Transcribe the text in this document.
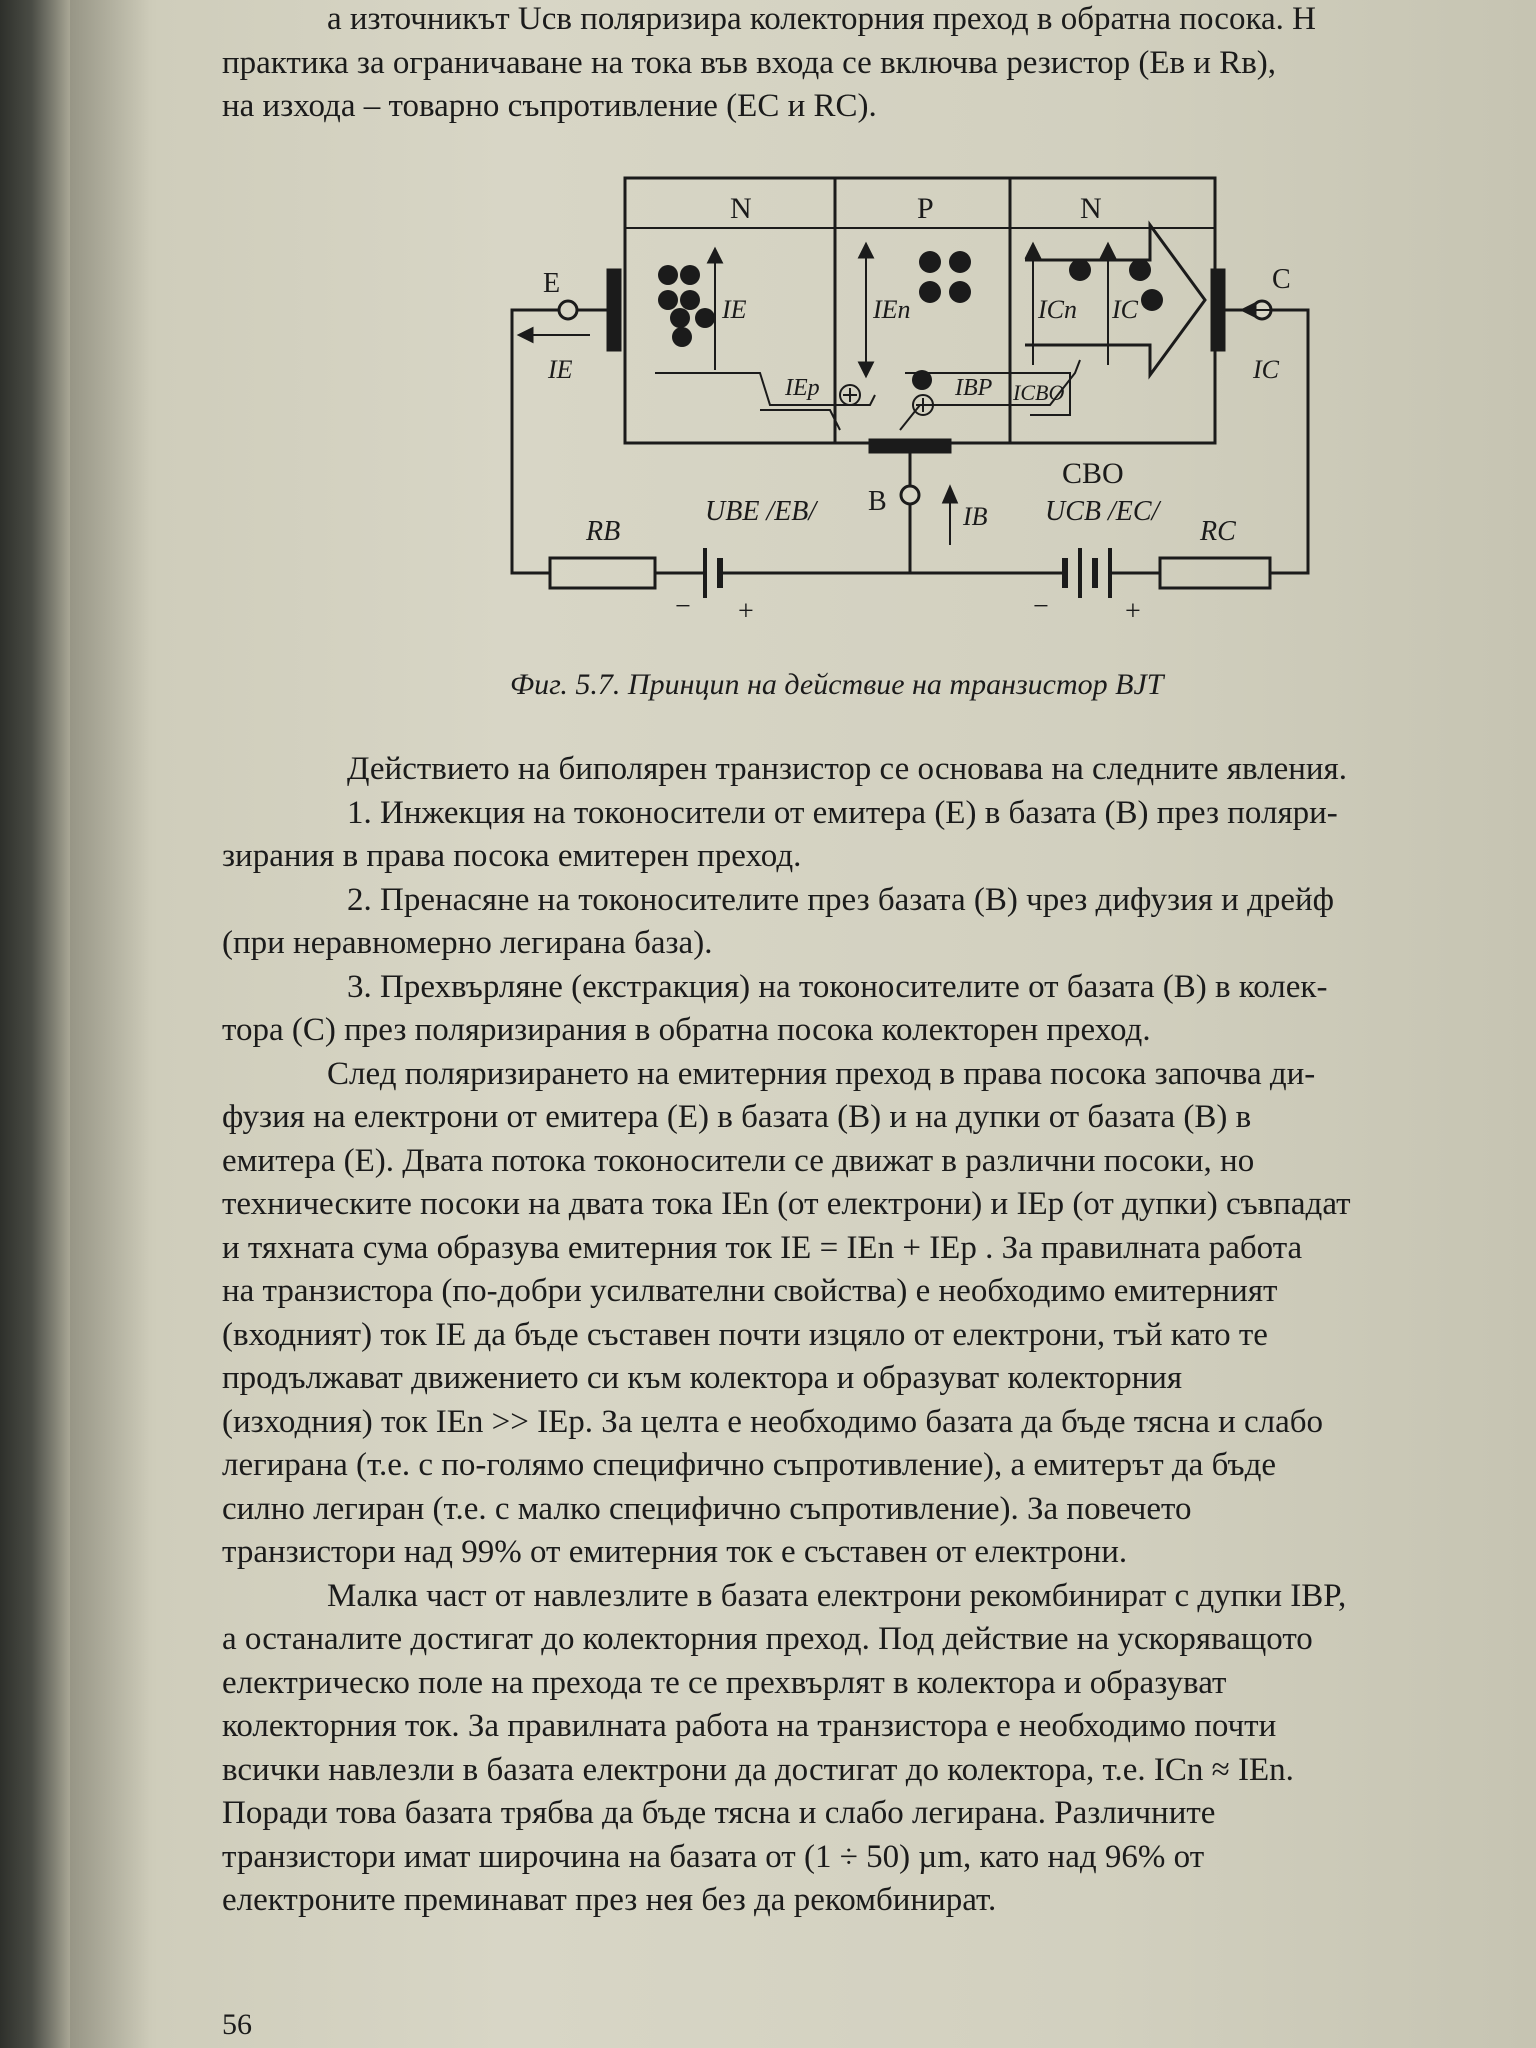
а източникът Uсв поляризира колекторния преход в обратна посока. Н
практика за ограничаване на тока във входа се включва резистор (Eв и Rв),
на изхода – товарно съпротивление (EС и RС).
N	P	N
E	C
B
IЕ	IЕn	IСn IС
IЕp	IВP IСВO
IЕ	IС
IВ
CBO
RВ	RС
UВЕ /EВ/	UСВ /EС/
− +	−	+
Фиг. 5.7. Принцип на действие на транзистор BJT
Действието на биполярен транзистор се основава на следните явления.
1. Инжекция на токоносители от емитера (E) в базата (B) през поляри-
зирания в права посока емитерен преход.
2. Пренасяне на токоносителите през базата (B) чрез дифузия и дрейф
(при неравномерно легирана база).
3. Прехвърляне (екстракция) на токоносителите от базата (B) в колек-
тора (C) през поляризирания в обратна посока колекторен преход.
След поляризирането на емитерния преход в права посока започва ди-
фузия на електрони от емитера (E) в базата (B) и на дупки от базата (B) в
емитера (E). Двата потока токоносители се движат в различни посоки, но
техническите посоки на двата тока IЕn (от електрони) и IЕp (от дупки) съвпадат
и тяхната сума образува емитерния ток IЕ = IЕn + IЕp . За правилната работа
на транзистора (по-добри усилвателни свойства) е необходимо емитерният
(входният) ток IЕ да бъде съставен почти изцяло от електрони, тъй като те
продължават движението си към колектора и образуват колекторния
(изходния) ток IЕn >> IЕp. За целта е необходимо базата да бъде тясна и слабо
легирана (т.е. с по-голямо специфично съпротивление), а емитерът да бъде
силно легиран (т.е. с малко специфично съпротивление). За повечето
транзистори над 99% от емитерния ток е съставен от електрони.
Малка част от навлезлите в базата електрони рекомбинират с дупки IВP,
а останалите достигат до колекторния преход. Под действие на ускоряващото
електрическо поле на прехода те се прехвърлят в колектора и образуват
колекторния ток. За правилната работа на транзистора е необходимо почти
всички навлезли в базата електрони да достигат до колектора, т.е. IСn ≈ IЕn.
Поради това базата трябва да бъде тясна и слабо легирана. Различните
транзистори имат широчина на базата от (1 ÷ 50) µm, като над 96% от
електроните преминават през нея без да рекомбинират.
56
